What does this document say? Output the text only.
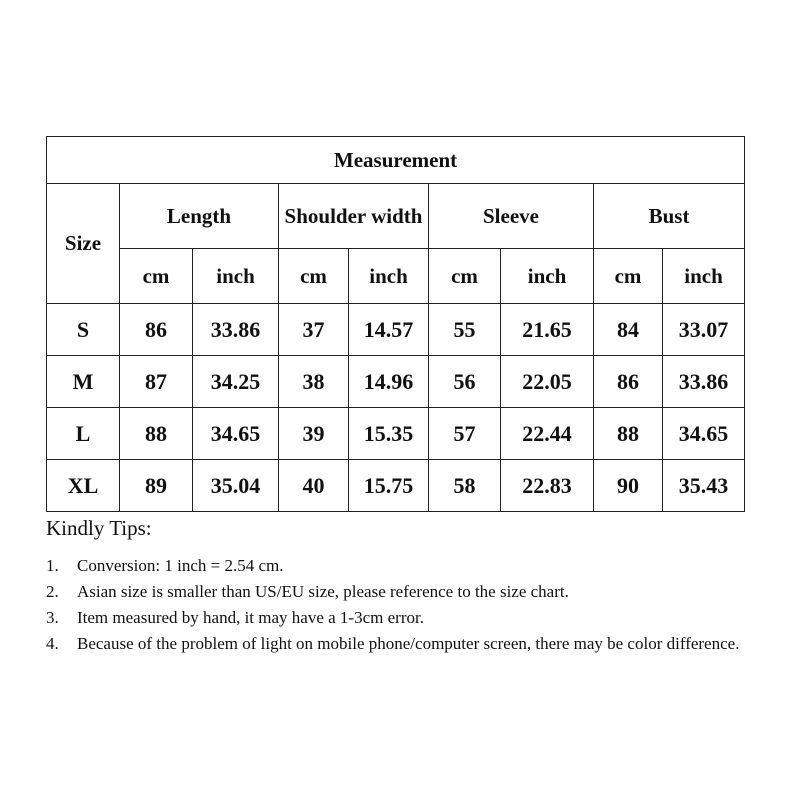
Measurement								
Size	Length		Shoulder width		Sleeve		Bust	
	cm	inch	cm	inch	cm	inch	cm	inch
S	86	33.86	37	14.57	55	21.65	84	33.07
M	87	34.25	38	14.96	56	22.05	86	33.86
L	88	34.65	39	15.35	57	22.44	88	34.65
XL	89	35.04	40	15.75	58	22.83	90	35.43
Kindly Tips:
1.	Conversion: 1 inch = 2.54 cm.
2.	Asian size is smaller than US/EU size, please reference to the size chart.
3.	Item measured by hand, it may have a 1-3cm error.
4.	Because of the problem of light on mobile phone/computer screen, there may be color difference.
